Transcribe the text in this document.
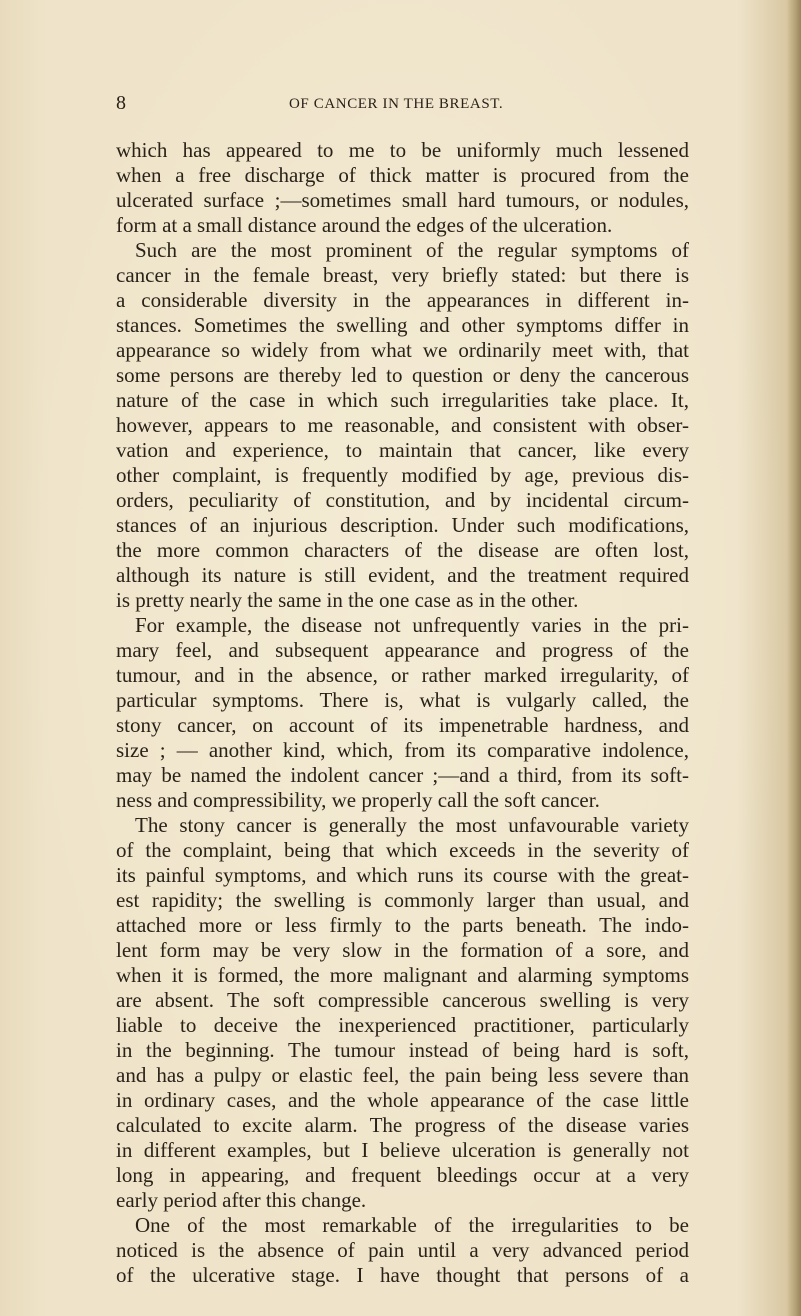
8	OF CANCER IN THE BREAST.
which has appeared to me to be uniformly much lessened
when a free discharge of thick matter is procured from the
ulcerated surface ;—sometimes small hard tumours, or nodules,
form at a small distance around the edges of the ulceration.
Such are the most prominent of the regular symptoms of
cancer in the female breast, very briefly stated: but there is
a considerable diversity in the appearances in different in-
stances. Sometimes the swelling and other symptoms differ in
appearance so widely from what we ordinarily meet with, that
some persons are thereby led to question or deny the cancerous
nature of the case in which such irregularities take place. It,
however, appears to me reasonable, and consistent with obser-
vation and experience, to maintain that cancer, like every
other complaint, is frequently modified by age, previous dis-
orders, peculiarity of constitution, and by incidental circum-
stances of an injurious description. Under such modifications,
the more common characters of the disease are often lost,
although its nature is still evident, and the treatment required
is pretty nearly the same in the one case as in the other.
For example, the disease not unfrequently varies in the pri-
mary feel, and subsequent appearance and progress of the
tumour, and in the absence, or rather marked irregularity, of
particular symptoms. There is, what is vulgarly called, the
stony cancer, on account of its impenetrable hardness, and
size ; — another kind, which, from its comparative indolence,
may be named the indolent cancer ;—and a third, from its soft-
ness and compressibility, we properly call the soft cancer.
The stony cancer is generally the most unfavourable variety
of the complaint, being that which exceeds in the severity of
its painful symptoms, and which runs its course with the great-
est rapidity; the swelling is commonly larger than usual, and
attached more or less firmly to the parts beneath. The indo-
lent form may be very slow in the formation of a sore, and
when it is formed, the more malignant and alarming symptoms
are absent. The soft compressible cancerous swelling is very
liable to deceive the inexperienced practitioner, particularly
in the beginning. The tumour instead of being hard is soft,
and has a pulpy or elastic feel, the pain being less severe than
in ordinary cases, and the whole appearance of the case little
calculated to excite alarm. The progress of the disease varies
in different examples, but I believe ulceration is generally not
long in appearing, and frequent bleedings occur at a very
early period after this change.
One of the most remarkable of the irregularities to be
noticed is the absence of pain until a very advanced period
of the ulcerative stage. I have thought that persons of a
